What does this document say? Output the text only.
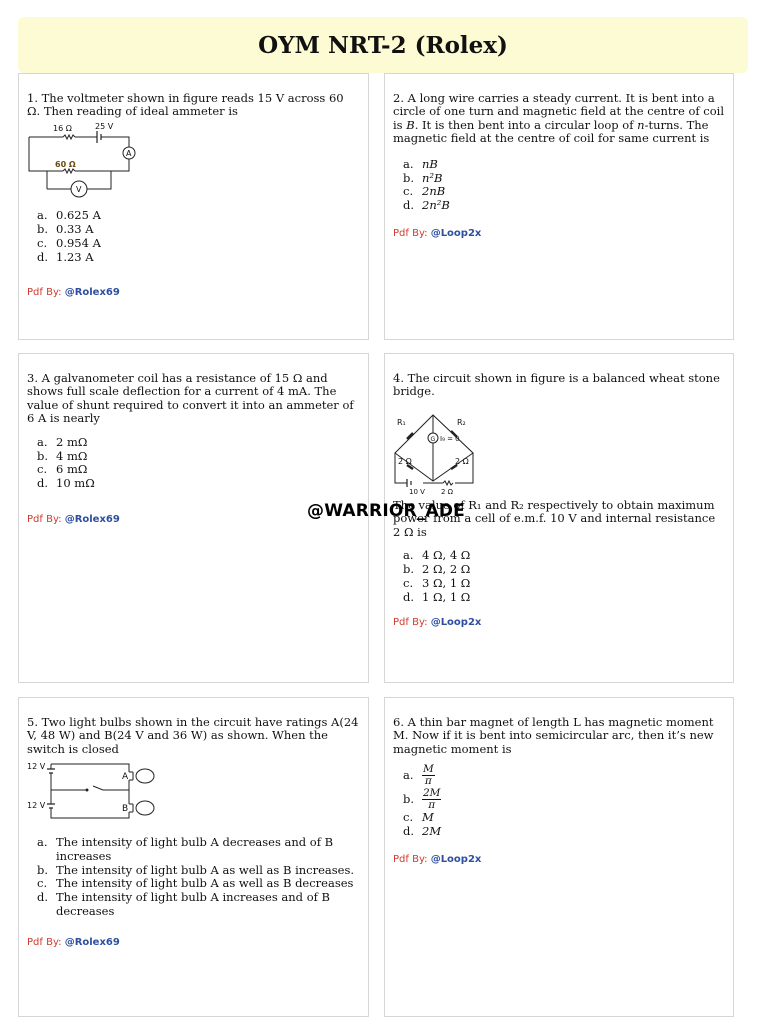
OYM NRT-2 (Rolex)

1. The voltmeter shown in figure reads 15 V across 60 Ω. Then reading of ideal ammeter is

16 Ω	25 V
A
60 Ω
V
a. 0.625 A
b. 0.33 A
c. 0.954 A
d. 1.23 A
Pdf By: @Rolex69

2. A long wire carries a steady current. It is bent into a circle of one turn and magnetic field at the centre of coil is B. It is then bent into a circular loop of n-turns. The magnetic field at the centre of coil for same current is

a. nB
b. n²B
c. 2nB
d. 2n²B
Pdf By: @Loop2x

3. A galvanometer coil has a resistance of 15 Ω and shows full scale deflection for a current of 4 mA. The value of shunt required to convert it into an ammeter of 6 A is nearly

a. 2 mΩ
b. 4 mΩ
c. 6 mΩ
d. 10 mΩ
Pdf By: @Rolex69

4. The circuit shown in figure is a balanced wheat stone bridge.

R₁	R₂
G I₉ = 0
2 Ω	2 Ω
10 V 2 Ω

The value of R₁ and R₂ respectively to obtain maximum power from a cell of e.m.f. 10 V and internal resistance 2 Ω is

a. 4 Ω, 4 Ω
b. 2 Ω, 2 Ω
c. 3 Ω, 1 Ω
d. 1 Ω, 1 Ω
Pdf By: @Loop2x

5. Two light bulbs shown in the circuit have ratings A(24 V, 48 W) and B(24 V and 36 W) as shown. When the switch is closed

12 V
12 V
A
B
a. The intensity of light bulb A decreases and of B increases
b. The intensity of light bulb A as well as B increases.
c. The intensity of light bulb A as well as B decreases
d. The intensity of light bulb A increases and of B decreases
Pdf By: @Rolex69

6. A thin bar magnet of length L has magnetic moment M. Now if it is bent into semicircular arc, then it’s new magnetic moment is

a. $\frac{M}{\pi}$
b. $\frac{2M}{\pi}$
c. M
d. 2M
Pdf By: @Loop2x
@WARRIOR_ADE
